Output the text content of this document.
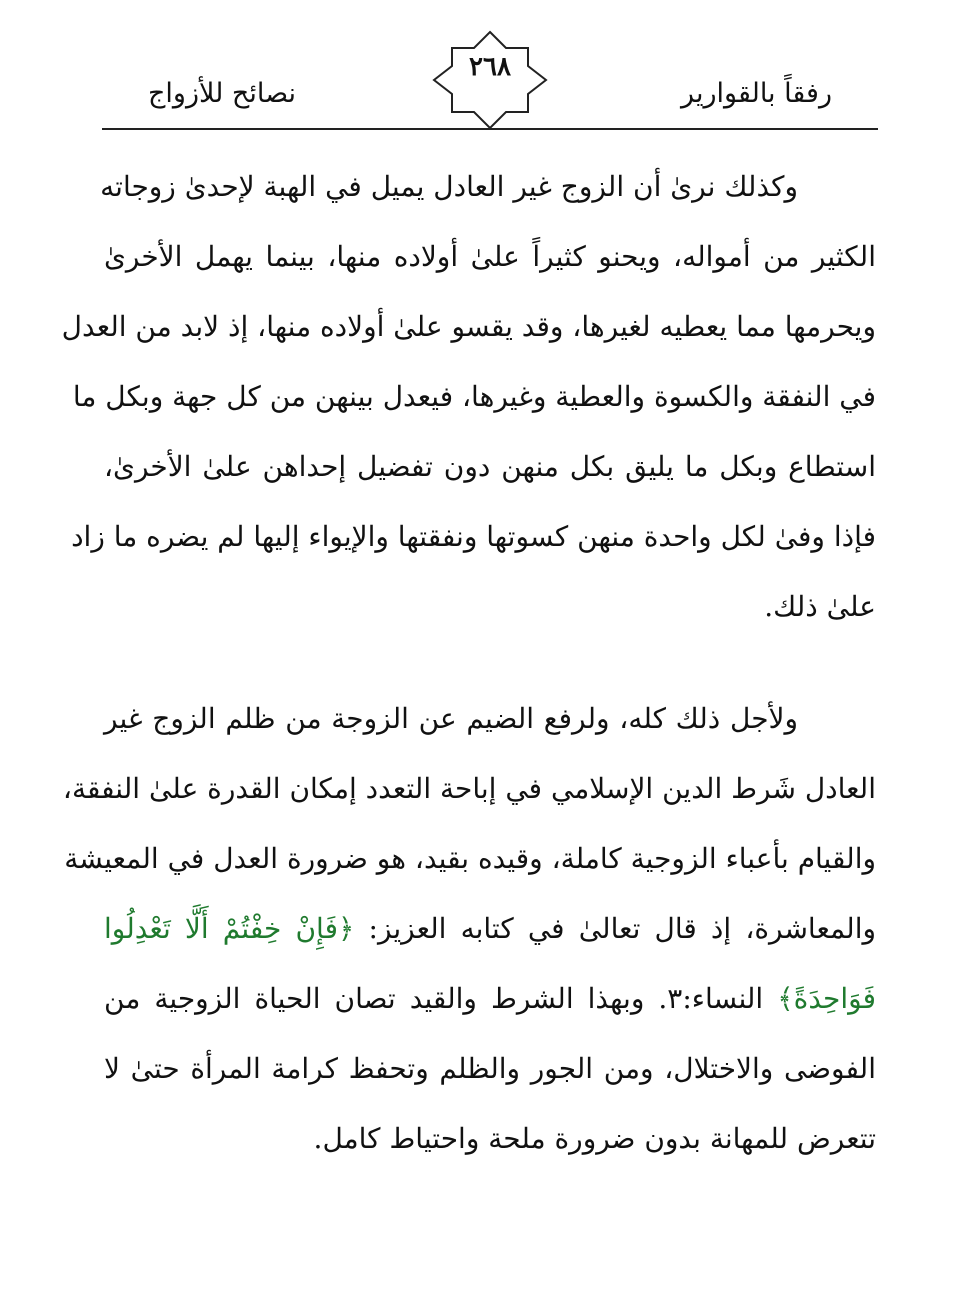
رفقاً بالقوارير
٢٦٨
نصائح للأزواج
وكذلك نرىٰ أن الزوج غير العادل يميل في الهبة لإحدىٰ زوجاته
الكثير من أمواله، ويحنو كثيراً علىٰ أولاده منها، بينما يهمل الأخرىٰ
ويحرمها مما يعطيه لغيرها، وقد يقسو علىٰ أولاده منها، إذ لابد من العدل
في النفقة والكسوة والعطية وغيرها، فيعدل بينهن من كل جهة وبكل ما
استطاع وبكل ما يليق بكل منهن دون تفضيل إحداهن علىٰ الأخرىٰ،
فإذا وفىٰ لكل واحدة منهن كسوتها ونفقتها والإيواء إليها لم يضره ما زاد
علىٰ ذلك.
ولأجل ذلك كله، ولرفع الضيم عن الزوجة من ظلم الزوج غير
العادل شَرط الدين الإسلامي في إباحة التعدد إمكان القدرة علىٰ النفقة،
والقيام بأعباء الزوجية كاملة، وقيده بقيد، هو ضرورة العدل في المعيشة
والمعاشرة، إذ قال تعالىٰ في كتابه العزيز: ﴿فَإِنْ خِفْتُمْ أَلَّا تَعْدِلُوا
فَوَاحِدَةً﴾ النساء:٣. وبهذا الشرط والقيد تصان الحياة الزوجية من
الفوضى والاختلال، ومن الجور والظلم وتحفظ كرامة المرأة حتىٰ لا
تتعرض للمهانة بدون ضرورة ملحة واحتياط كامل.
